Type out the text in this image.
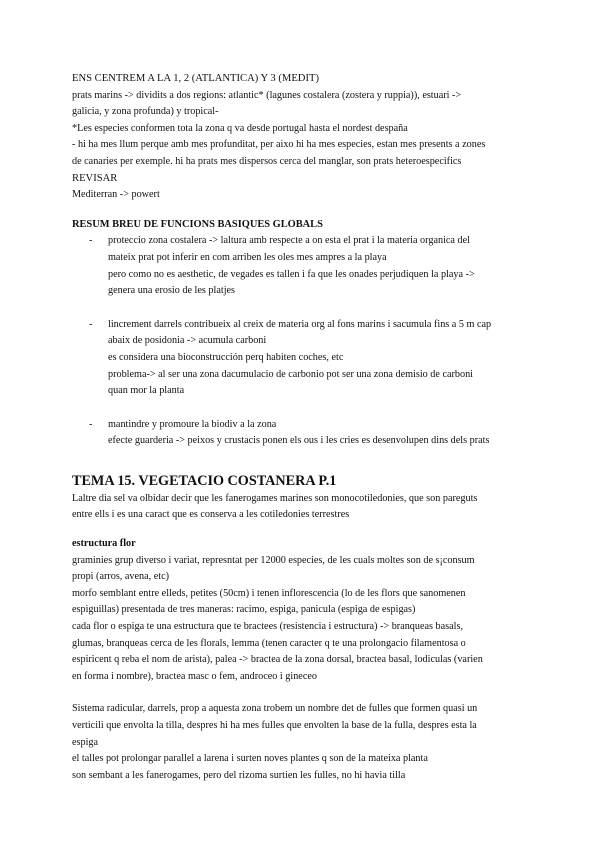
ENS CENTREM A LA 1, 2 (ATLANTICA) Y 3 (MEDIT)
prats marins -> dividits a dos regions: atlantic* (lagunes costalera (zostera y ruppia)), estuari ->
galicia, y zona profunda) y tropical-
*Les especies conformen tota la zona q va desde portugal hasta el nordest despaña
- hi ha mes llum perque amb mes profunditat, per aixo hi ha mes especies, estan mes presents a zones
de canaries per exemple. hi ha prats mes dispersos cerca del manglar, son prats heteroespecifics
REVISAR
Mediterran -> powert
RESUM BREU DE FUNCIONS BASIQUES GLOBALS
- proteccio zona costalera -> laltura amb respecte a on esta el prat i la materia organica del
mateix prat pot inferir en com arriben les oles mes ampres a la playa
pero como no es aesthetic, de vegades es tallen i fa que les onades perjudiquen la playa ->
genera una erosio de les platjes
- lincrement darrels contribueix al creix de materia org al fons marins i sacumula fins a 5 m cap
abaix de posidonia -> acumula carboni
es considera una bioconstrucción perq habiten coches, etc
problema-> al ser una zona dacumulacio de carbonio pot ser una zona demisio de carboni
quan mor la planta
- mantindre y promoure la biodiv a la zona
efecte guarderia -> peixos y crustacis ponen els ous i les cries es desenvolupen dins dels prats
TEMA 15. VEGETACIO COSTANERA P.1
Laltre dia sel va olbidar decir que les fanerogames marines son monocotiledonies, que son pareguts
entre ells i es una caract que es conserva a les cotiledonies terrestres
estructura flor
graminies grup diverso i variat, represntat per 12000 especies, de les cuals moltes son de s¡consum
propi (arros, avena, etc)
morfo semblant entre elleds, petites (50cm) i tenen inflorescencia (lo de les flors que sanomenen
espiguillas) presentada de tres maneras: racimo, espiga, panicula (espiga de espigas)
cada flor o espiga te una estructura que te bractees (resistencia i estructura) -> branqueas basals,
glumas, branqueas cerca de les florals, lemma (tenen caracter q te una prolongacio filamentosa o
espiricent q reba el nom de arista), palea -> bractea de la zona dorsal, bractea basal, lodiculas (varien
en forma i nombre), bractea masc o fem, androceo i gineceo
Sistema radicular, darrels, prop a aquesta zona trobem un nombre det de fulles que formen quasi un
verticili que envolta la tilla, despres hi ha mes fulles que envolten la base de la fulla, despres esta la
espiga
el talles pot prolongar parallel a larena i surten noves plantes q son de la mateixa planta
son sembant a les fanerogames, pero del rizoma surtien les fulles, no hi havia tilla
